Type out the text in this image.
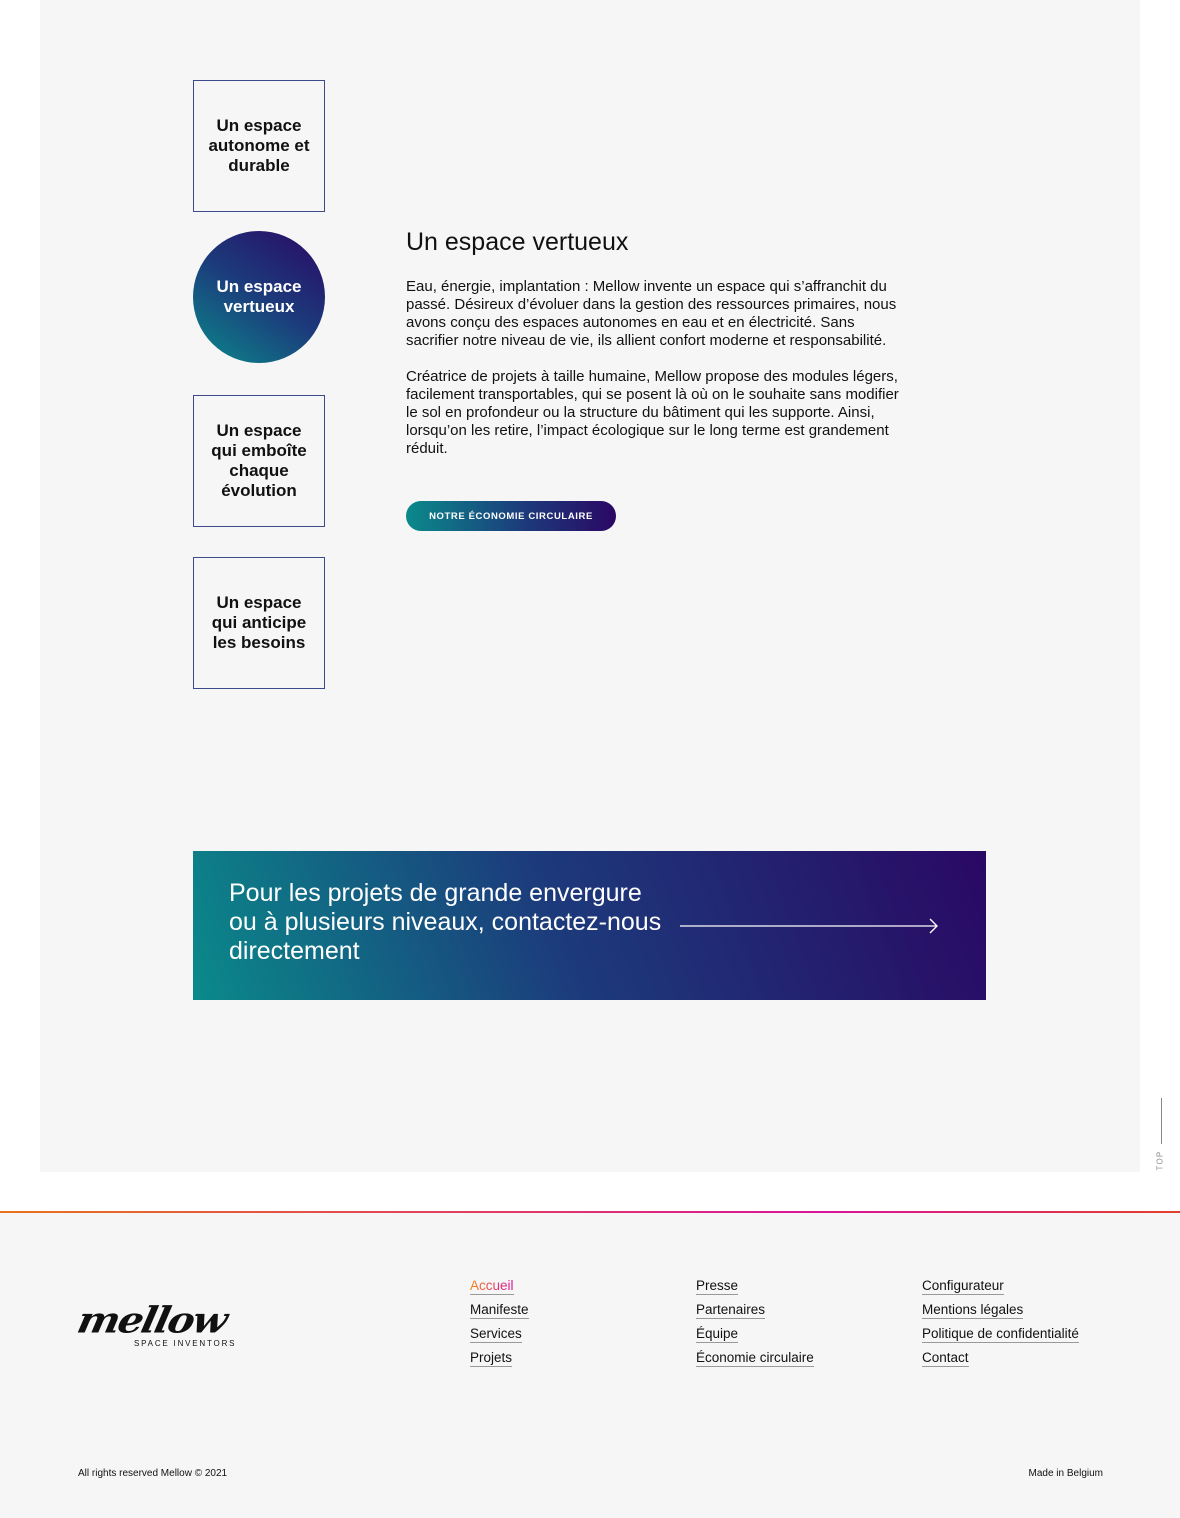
Un espace autonome et durable
Un espace vertueux
Un espace qui emboîte chaque évolution
Un espace qui anticipe les besoins
Un espace vertueux

Eau, énergie, implantation : Mellow invente un espace qui s’affranchit du passé. Désireux d’évoluer dans la gestion des ressources primaires, nous avons conçu des espaces autonomes en eau et en électricité. Sans sacrifier notre niveau de vie, ils allient confort moderne et responsabilité.

Créatrice de projets à taille humaine, Mellow propose des modules légers, facilement transportables, qui se posent là où on le souhaite sans modifier le sol en profondeur ou la structure du bâtiment qui les supporte. Ainsi, lorsqu’on les retire, l’impact écologique sur le long terme est grandement réduit.

NOTRE ÉCONOMIE CIRCULAIRE
Pour les projets de grande envergure ou à plusieurs niveaux, contactez-nous directement
TOP
mellow
SPACE INVENTORS
Accueil
Manifeste
Services
Projets
Presse
Partenaires
Équipe
Économie circulaire
Configurateur
Mentions légales
Politique de confidentialité
Contact
All rights reserved Mellow © 2021	Made in Belgium
